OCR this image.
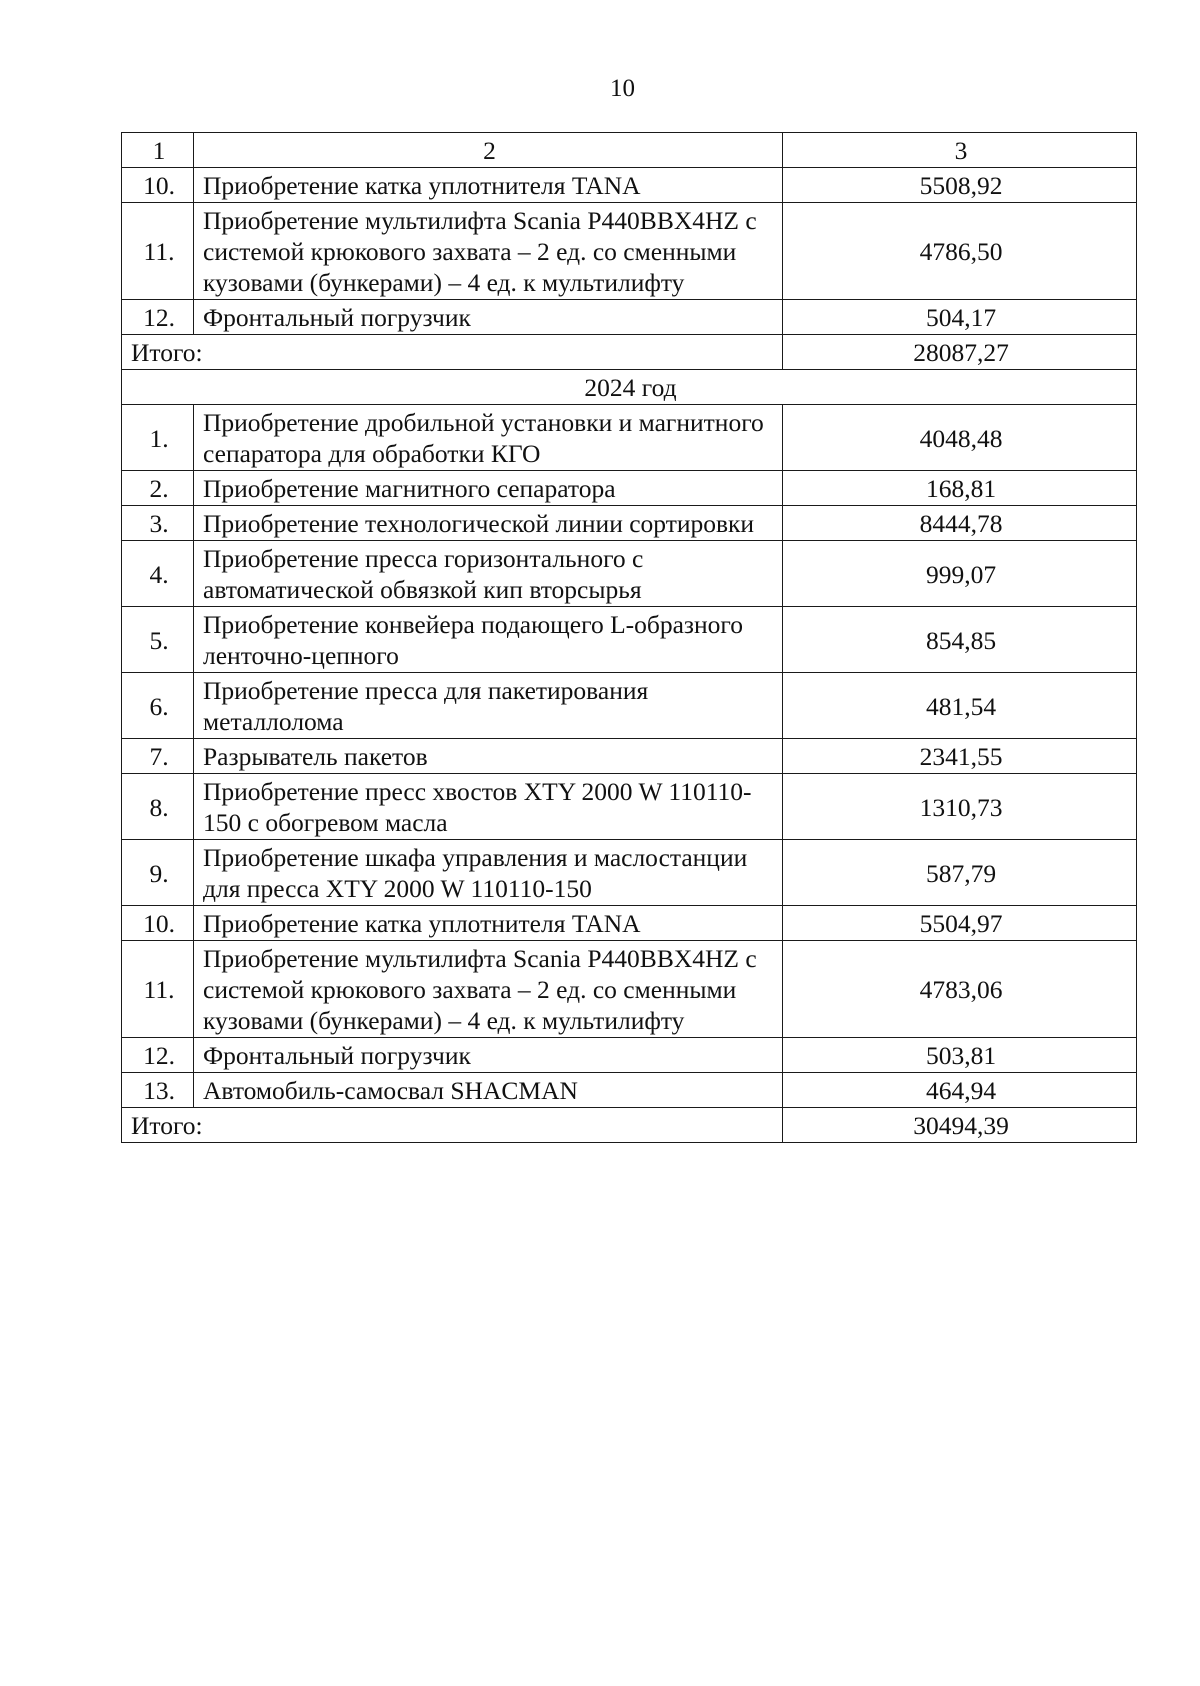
10
1	2	3
10.	Приобретение катка уплотнителя TANA	5508,92
11.	Приобретение мультилифта Scania P440BBX4HZ с системой крюкового захвата – 2 ед. со сменными кузовами (бункерами) – 4 ед. к мультилифту	4786,50
12.	Фронтальный погрузчик	504,17
Итого:		28087,27
2024 год		
1.	Приобретение дробильной установки и магнитного сепаратора для обработки КГО	4048,48
2.	Приобретение магнитного сепаратора	168,81
3.	Приобретение технологической линии сортировки	8444,78
4.	Приобретение пресса горизонтального с автоматической обвязкой кип вторсырья	999,07
5.	Приобретение конвейера подающего L-образного ленточно-цепного	854,85
6.	Приобретение пресса для пакетирования металлолома	481,54
7.	Разрыватель пакетов	2341,55
8.	Приобретение пресс хвостов XTY 2000 W 110110-150 с обогревом масла	1310,73
9.	Приобретение шкафа управления и маслостанции для пресса XTY 2000 W 110110-150	587,79
10.	Приобретение катка уплотнителя TANA	5504,97
11.	Приобретение мультилифта Scania P440BBX4HZ с системой крюкового захвата – 2 ед. со сменными кузовами (бункерами) – 4 ед. к мультилифту	4783,06
12.	Фронтальный погрузчик	503,81
13.	Автомобиль-самосвал SHACMAN	464,94
Итого:		30494,39
